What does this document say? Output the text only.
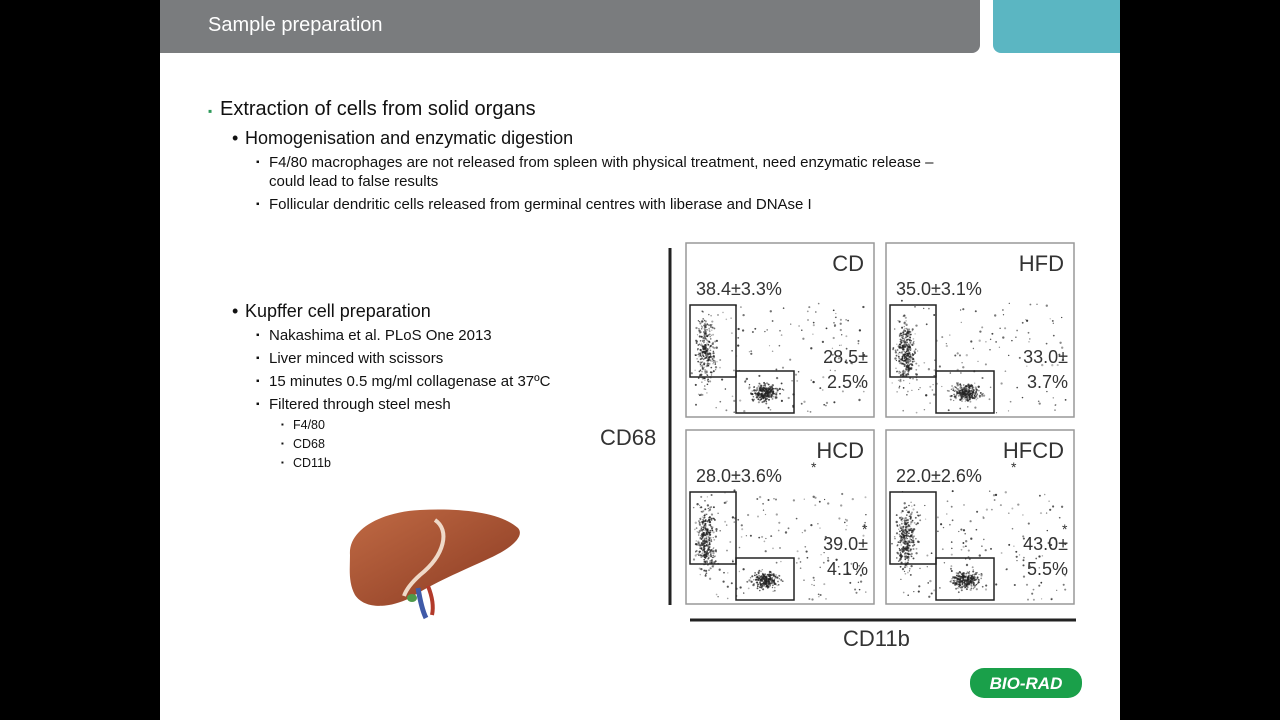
Sample preparation
▪ Extraction of cells from solid organs
• Homogenisation and enzymatic digestion
▪ F4/80 macrophages are not released from spleen with physical treatment, need enzymatic release –
could lead to false results
▪ Follicular dendritic cells released from germinal centres with liberase and DNAse I
• Kupffer cell preparation
▪ Nakashima et al. PLoS One 2013
▪ Liver minced with scissors
▪ 15 minutes 0.5 mg/ml collagenase at 37ºC
▪ Filtered through steel mesh
▪ F4/80
▪ CD68
▪ CD11b
CD68
CD11b
CD
38.4±3.3%
28.5±
2.5%
HFD
35.0±3.1%
33.0±
3.7%
HCD
28.0±3.6% *
39.0±
4.1%
*
HFCD
22.0±2.6% *
43.0±
5.5%
*
BIO-RAD
